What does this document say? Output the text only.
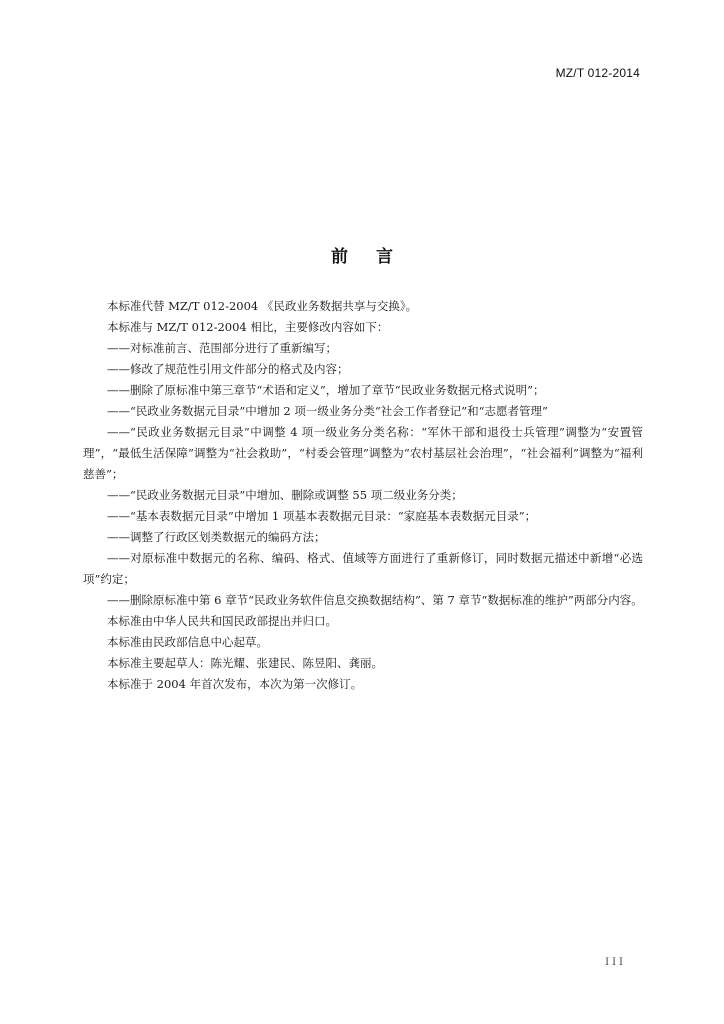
MZ/T 012-2014
前言

本标准代替 MZ/T 012-2004 《民政业务数据共享与交换》。

本标准与 MZ/T 012-2004 相比，主要修改内容如下：

——对标准前言、范围部分进行了重新编写；

——修改了规范性引用文件部分的格式及内容；

——删除了原标准中第三章节“术语和定义”，增加了章节“民政业务数据元格式说明”；

——“民政业务数据元目录”中增加 2 项一级业务分类“社会工作者登记”和“志愿者管理”

——“民政业务数据元目录”中调整 4 项一级业务分类名称：“军休干部和退役士兵管理”调整为“安置管理”，“最低生活保障”调整为“社会救助”，“村委会管理”调整为“农村基层社会治理”，“社会福利”调整为“福利慈善”；

——“民政业务数据元目录”中增加、删除或调整 55 项二级业务分类；

——“基本表数据元目录”中增加 1 项基本表数据元目录：“家庭基本表数据元目录”；

——调整了行政区划类数据元的编码方法；

——对原标准中数据元的名称、编码、格式、值域等方面进行了重新修订，同时数据元描述中新增“必选项”约定；

——删除原标准中第 6 章节“民政业务软件信息交换数据结构”、第 7 章节“数据标准的维护”两部分内容。

本标准由中华人民共和国民政部提出并归口。

本标准由民政部信息中心起草。

本标准主要起草人：陈光耀、张建民、陈昱阳、龚丽。

本标准于 2004 年首次发布，本次为第一次修订。

III
